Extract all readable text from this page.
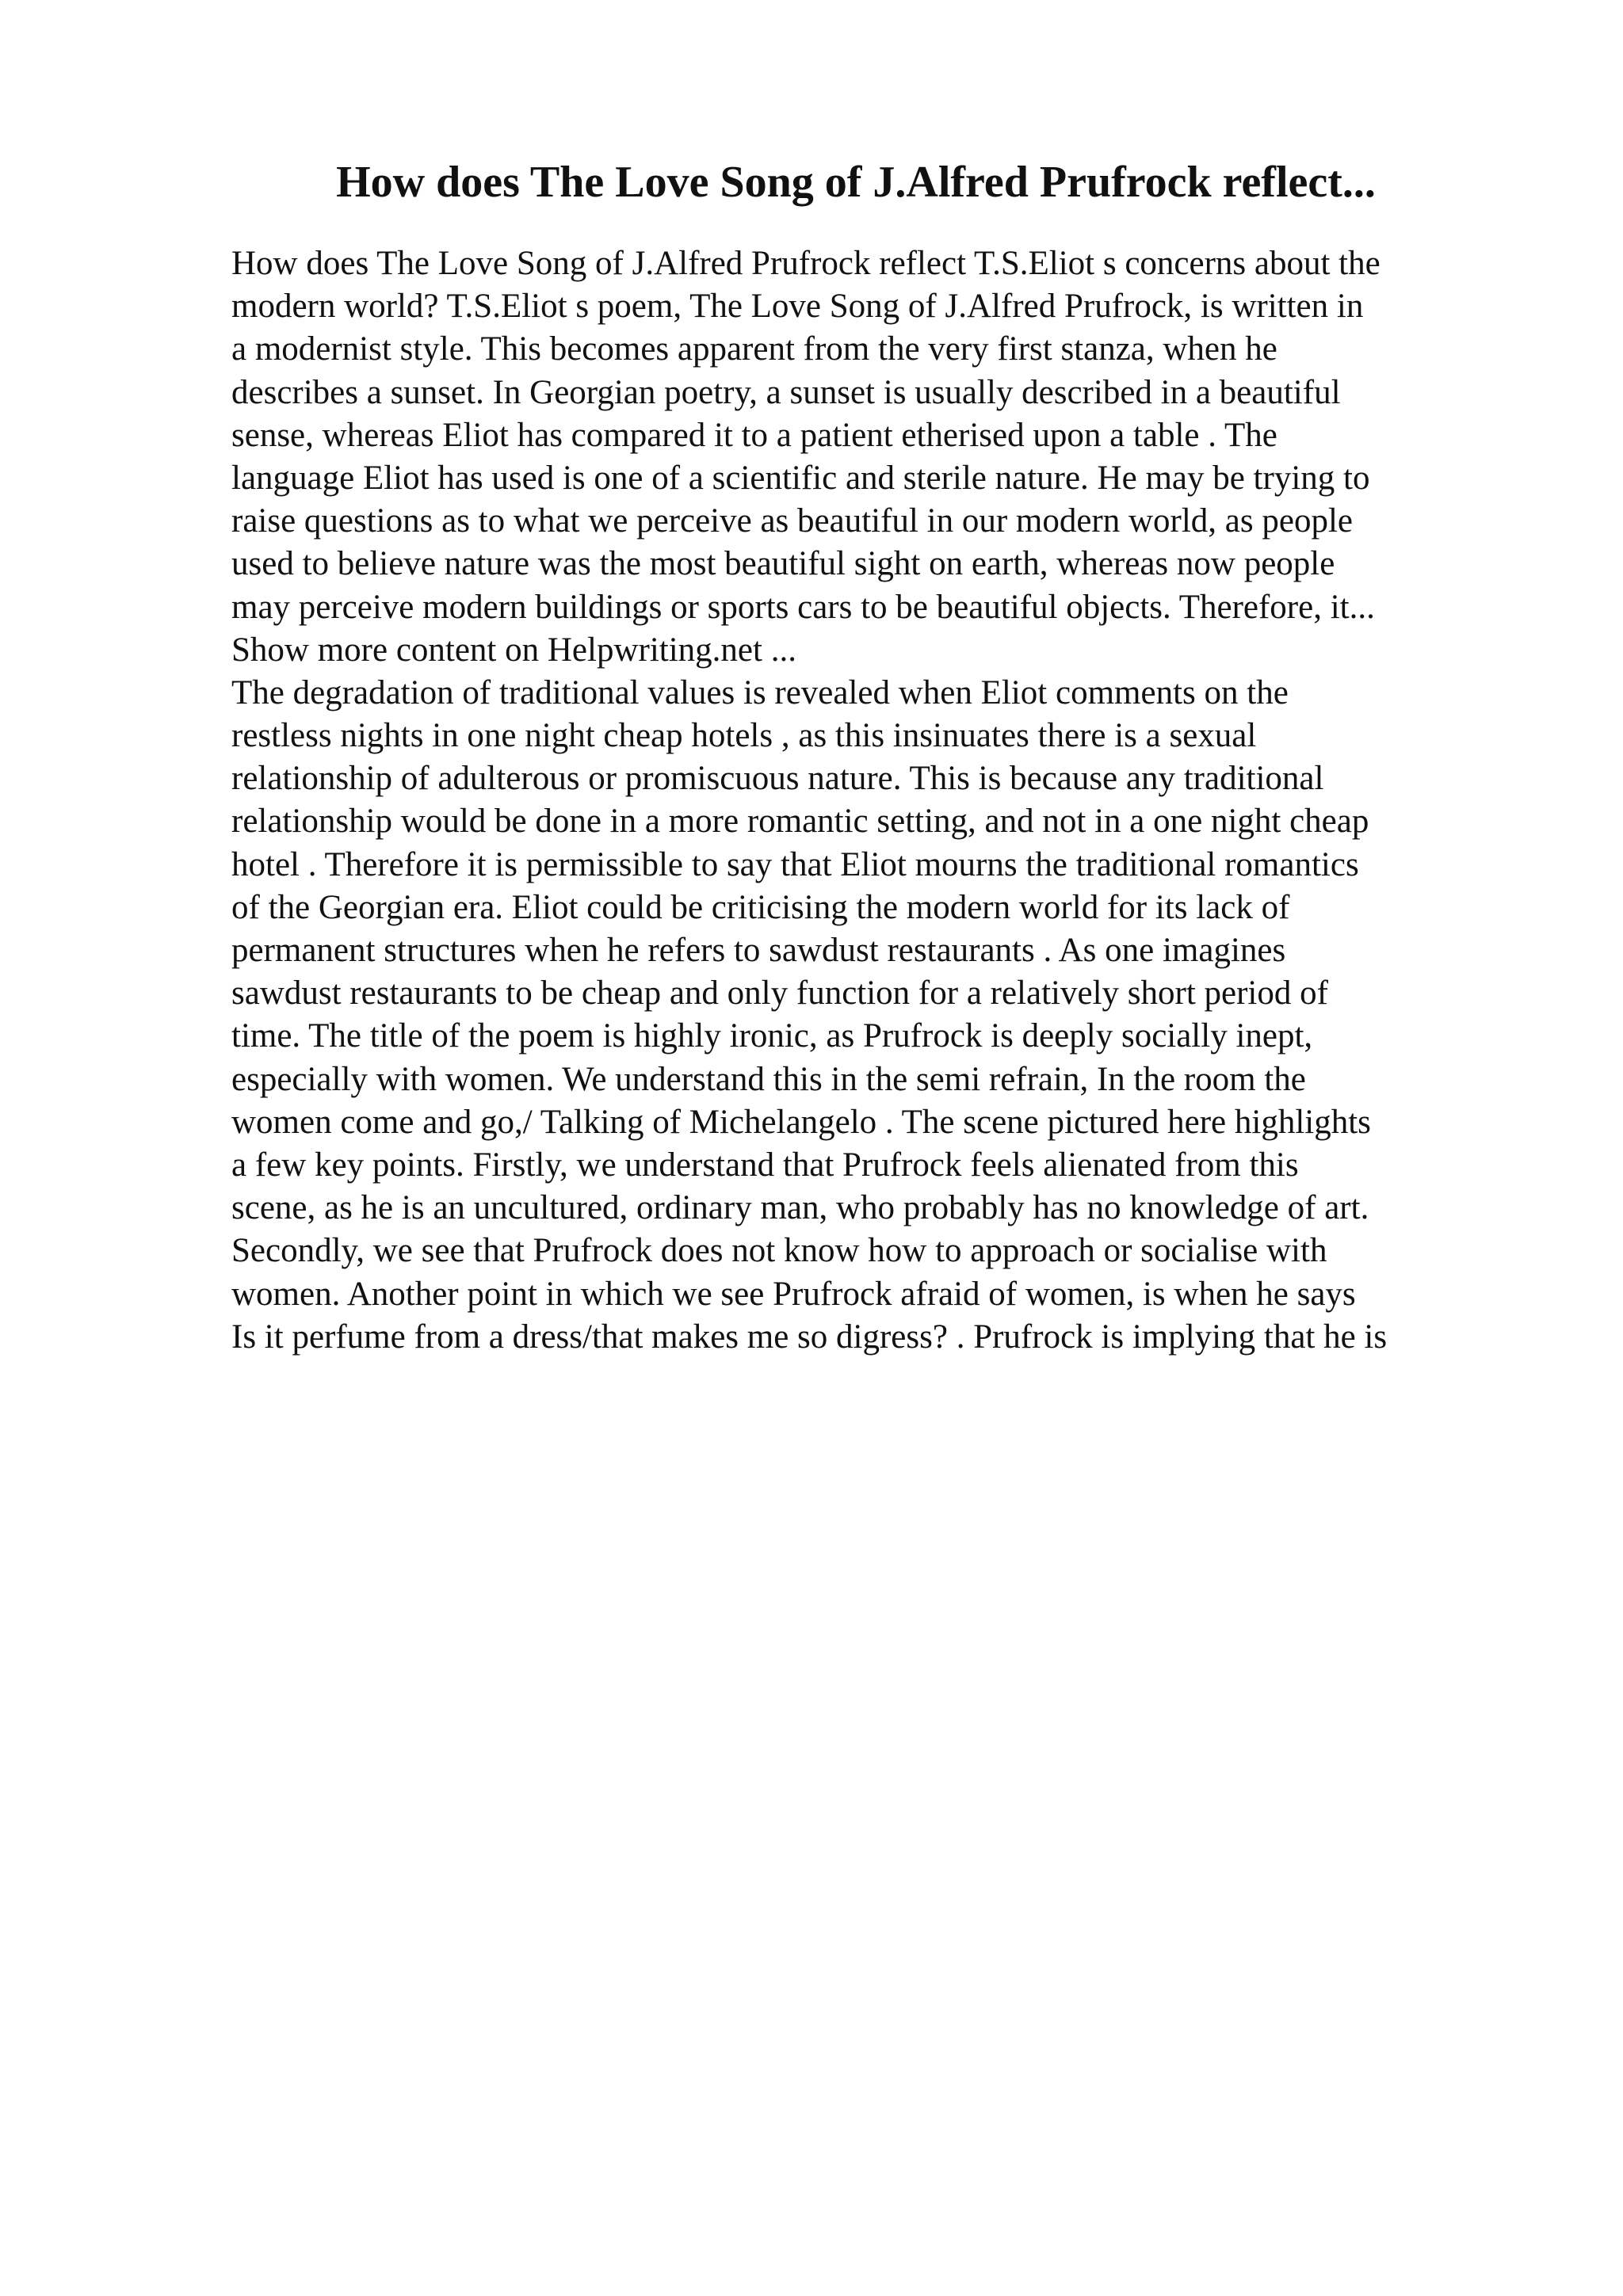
How does The Love Song of J.Alfred Prufrock reflect...
How does The Love Song of J.Alfred Prufrock reflect T.S.Eliot s concerns about the
modern world? T.S.Eliot s poem, The Love Song of J.Alfred Prufrock, is written in
a modernist style. This becomes apparent from the very first stanza, when he
describes a sunset. In Georgian poetry, a sunset is usually described in a beautiful
sense, whereas Eliot has compared it to a patient etherised upon a table . The
language Eliot has used is one of a scientific and sterile nature. He may be trying to
raise questions as to what we perceive as beautiful in our modern world, as people
used to believe nature was the most beautiful sight on earth, whereas now people
may perceive modern buildings or sports cars to be beautiful objects. Therefore, it...
Show more content on Helpwriting.net ...
The degradation of traditional values is revealed when Eliot comments on the
restless nights in one night cheap hotels , as this insinuates there is a sexual
relationship of adulterous or promiscuous nature. This is because any traditional
relationship would be done in a more romantic setting, and not in a one night cheap
hotel . Therefore it is permissible to say that Eliot mourns the traditional romantics
of the Georgian era. Eliot could be criticising the modern world for its lack of
permanent structures when he refers to sawdust restaurants . As one imagines
sawdust restaurants to be cheap and only function for a relatively short period of
time. The title of the poem is highly ironic, as Prufrock is deeply socially inept,
especially with women. We understand this in the semi refrain, In the room the
women come and go,/ Talking of Michelangelo . The scene pictured here highlights
a few key points. Firstly, we understand that Prufrock feels alienated from this
scene, as he is an uncultured, ordinary man, who probably has no knowledge of art.
Secondly, we see that Prufrock does not know how to approach or socialise with
women. Another point in which we see Prufrock afraid of women, is when he says
Is it perfume from a dress/that makes me so digress? . Prufrock is implying that he is
